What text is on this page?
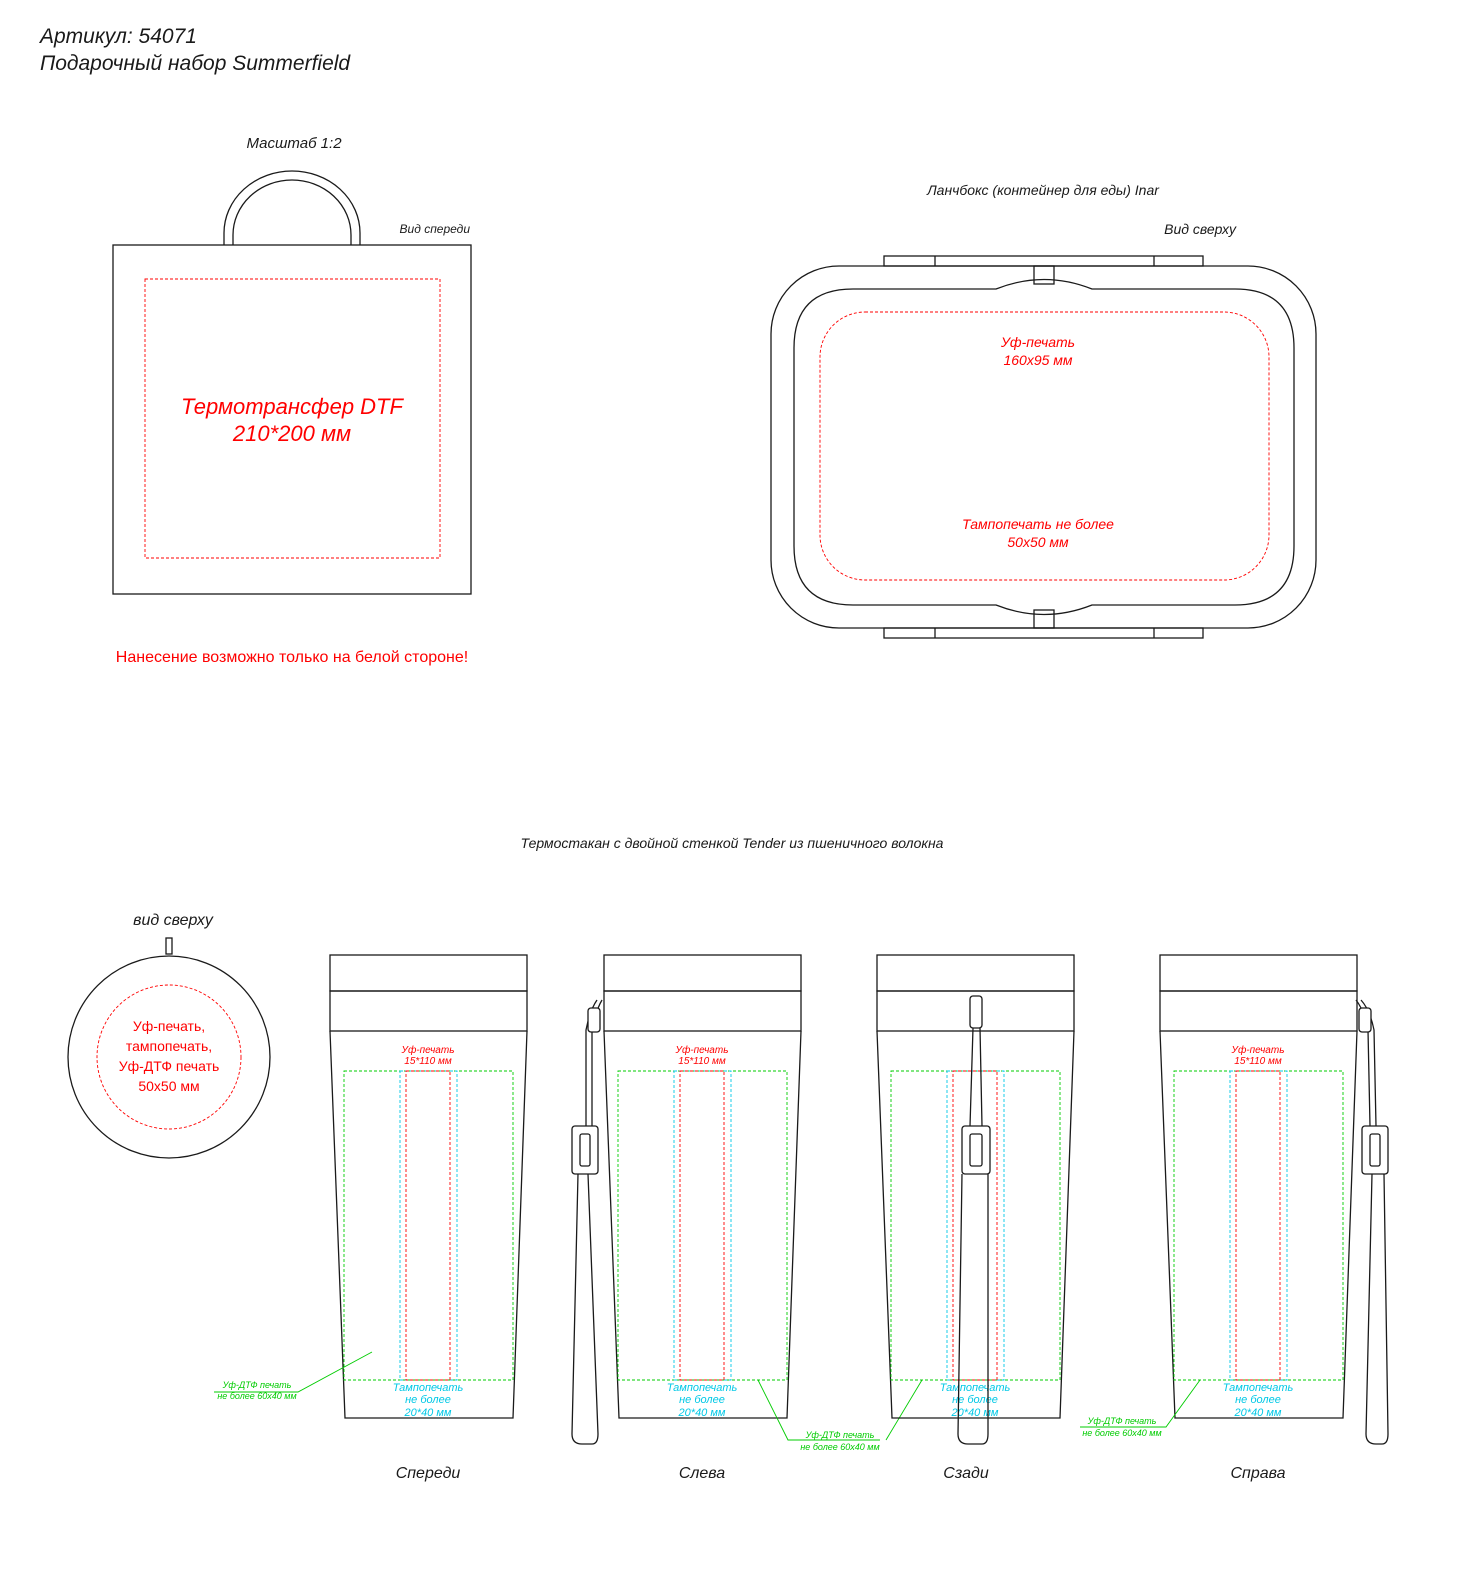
Артикул: 54071
Подарочный набор Summerfield
Масштаб 1:2
Вид спереди
Термотрансфер DTF
210*200 мм
Нанесение возможно только на белой стороне!
Ланчбокс (контейнер для еды) Inar
Вид сверху
Уф-печать
160х95 мм
Тампопечать не более
50х50 мм
Термостакан с двойной стенкой Tender из пшеничного волокна
вид сверху
Уф-печать,
тампопечать,
Уф-ДТФ печать
50х50 мм
Уф-печать
15*110 мм
Тампопечать
не более
20*40 мм
Уф-ДТФ печать
не более 60х40 мм
Спереди
Уф-печать
15*110 мм
Тампопечать
не более
20*40 мм
Уф-ДТФ печать
не более 60х40 мм
Слева
Тампопечать
не более
20*40 мм
Сзади
Уф-печать
15*110 мм
Тампопечать
не более
20*40 мм
Уф-ДТФ печать
не более 60х40 мм
Справа
